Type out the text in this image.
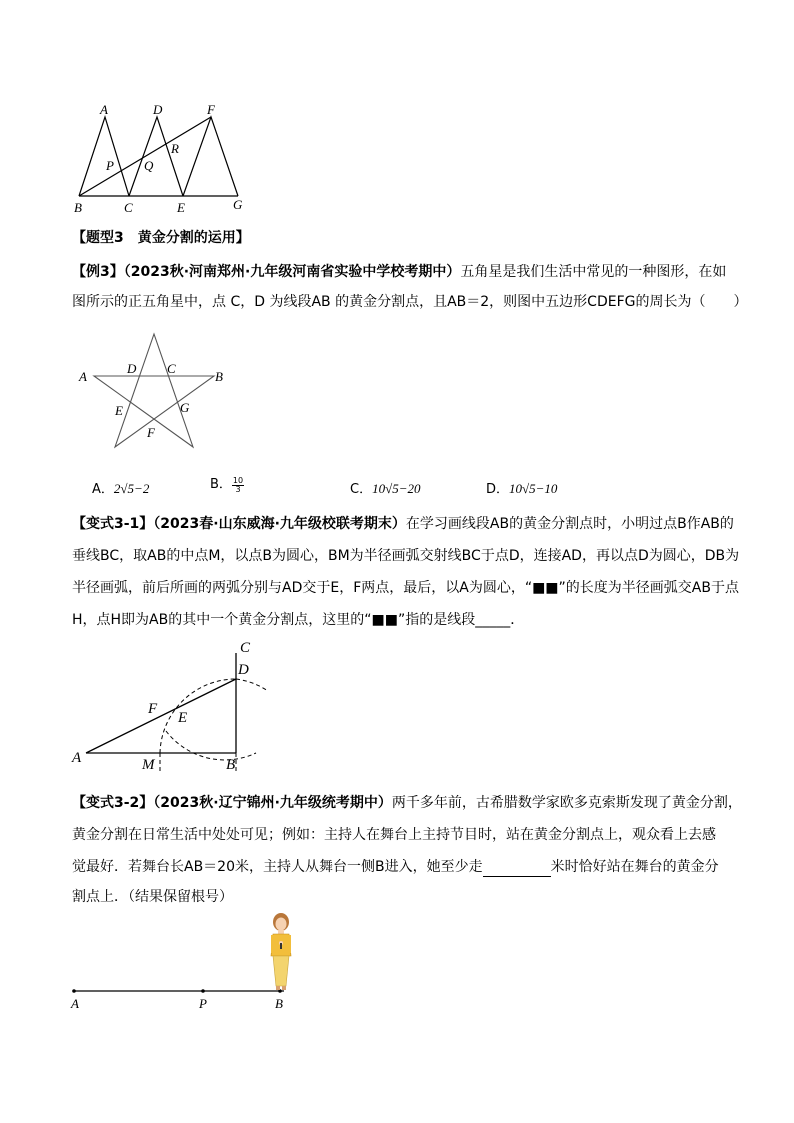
A	D	F
P Q
R
B	C	E	G
【题型3　黄金分割的运用】
【例3】（2023秋·河南郑州·九年级河南省实验中学校考期中）五角星是我们生活中常见的一种图形，在如
图所示的正五角星中，点 C，D 为线段AB 的黄金分割点，且AB＝2，则图中五边形CDEFG的周长为（　　）
A
D C
B
E	G
F
A．2√5−2	B． $\frac{10}{3}$	C．10√5−20	D．10√5−10
【变式3-1】（2023春·山东威海·九年级校联考期末）在学习画线段AB的黄金分割点时，小明过点B作AB的
垂线BC，取AB的中点M，以点B为圆心，BM为半径画弧交射线BC于点D，连接AD，再以点D为圆心，DB为
半径画弧，前后所画的两弧分别与AD交于E，F两点，最后，以A为圆心，“■■”的长度为半径画弧交AB于点
H，点H即为AB的其中一个黄金分割点，这里的“■■”指的是线段_____．
C
D
F
E
A	M	B
【变式3-2】（2023秋·辽宁锦州·九年级统考期中）两千多年前，古希腊数学家欧多克索斯发现了黄金分割，
黄金分割在日常生活中处处可见；例如：主持人在舞台上主持节目时，站在黄金分割点上，观众看上去感
觉最好．若舞台长AB＝20米，主持人从舞台一侧B进入，她至少走	米时恰好站在舞台的黄金分
割点上．（结果保留根号）
A	P	B
